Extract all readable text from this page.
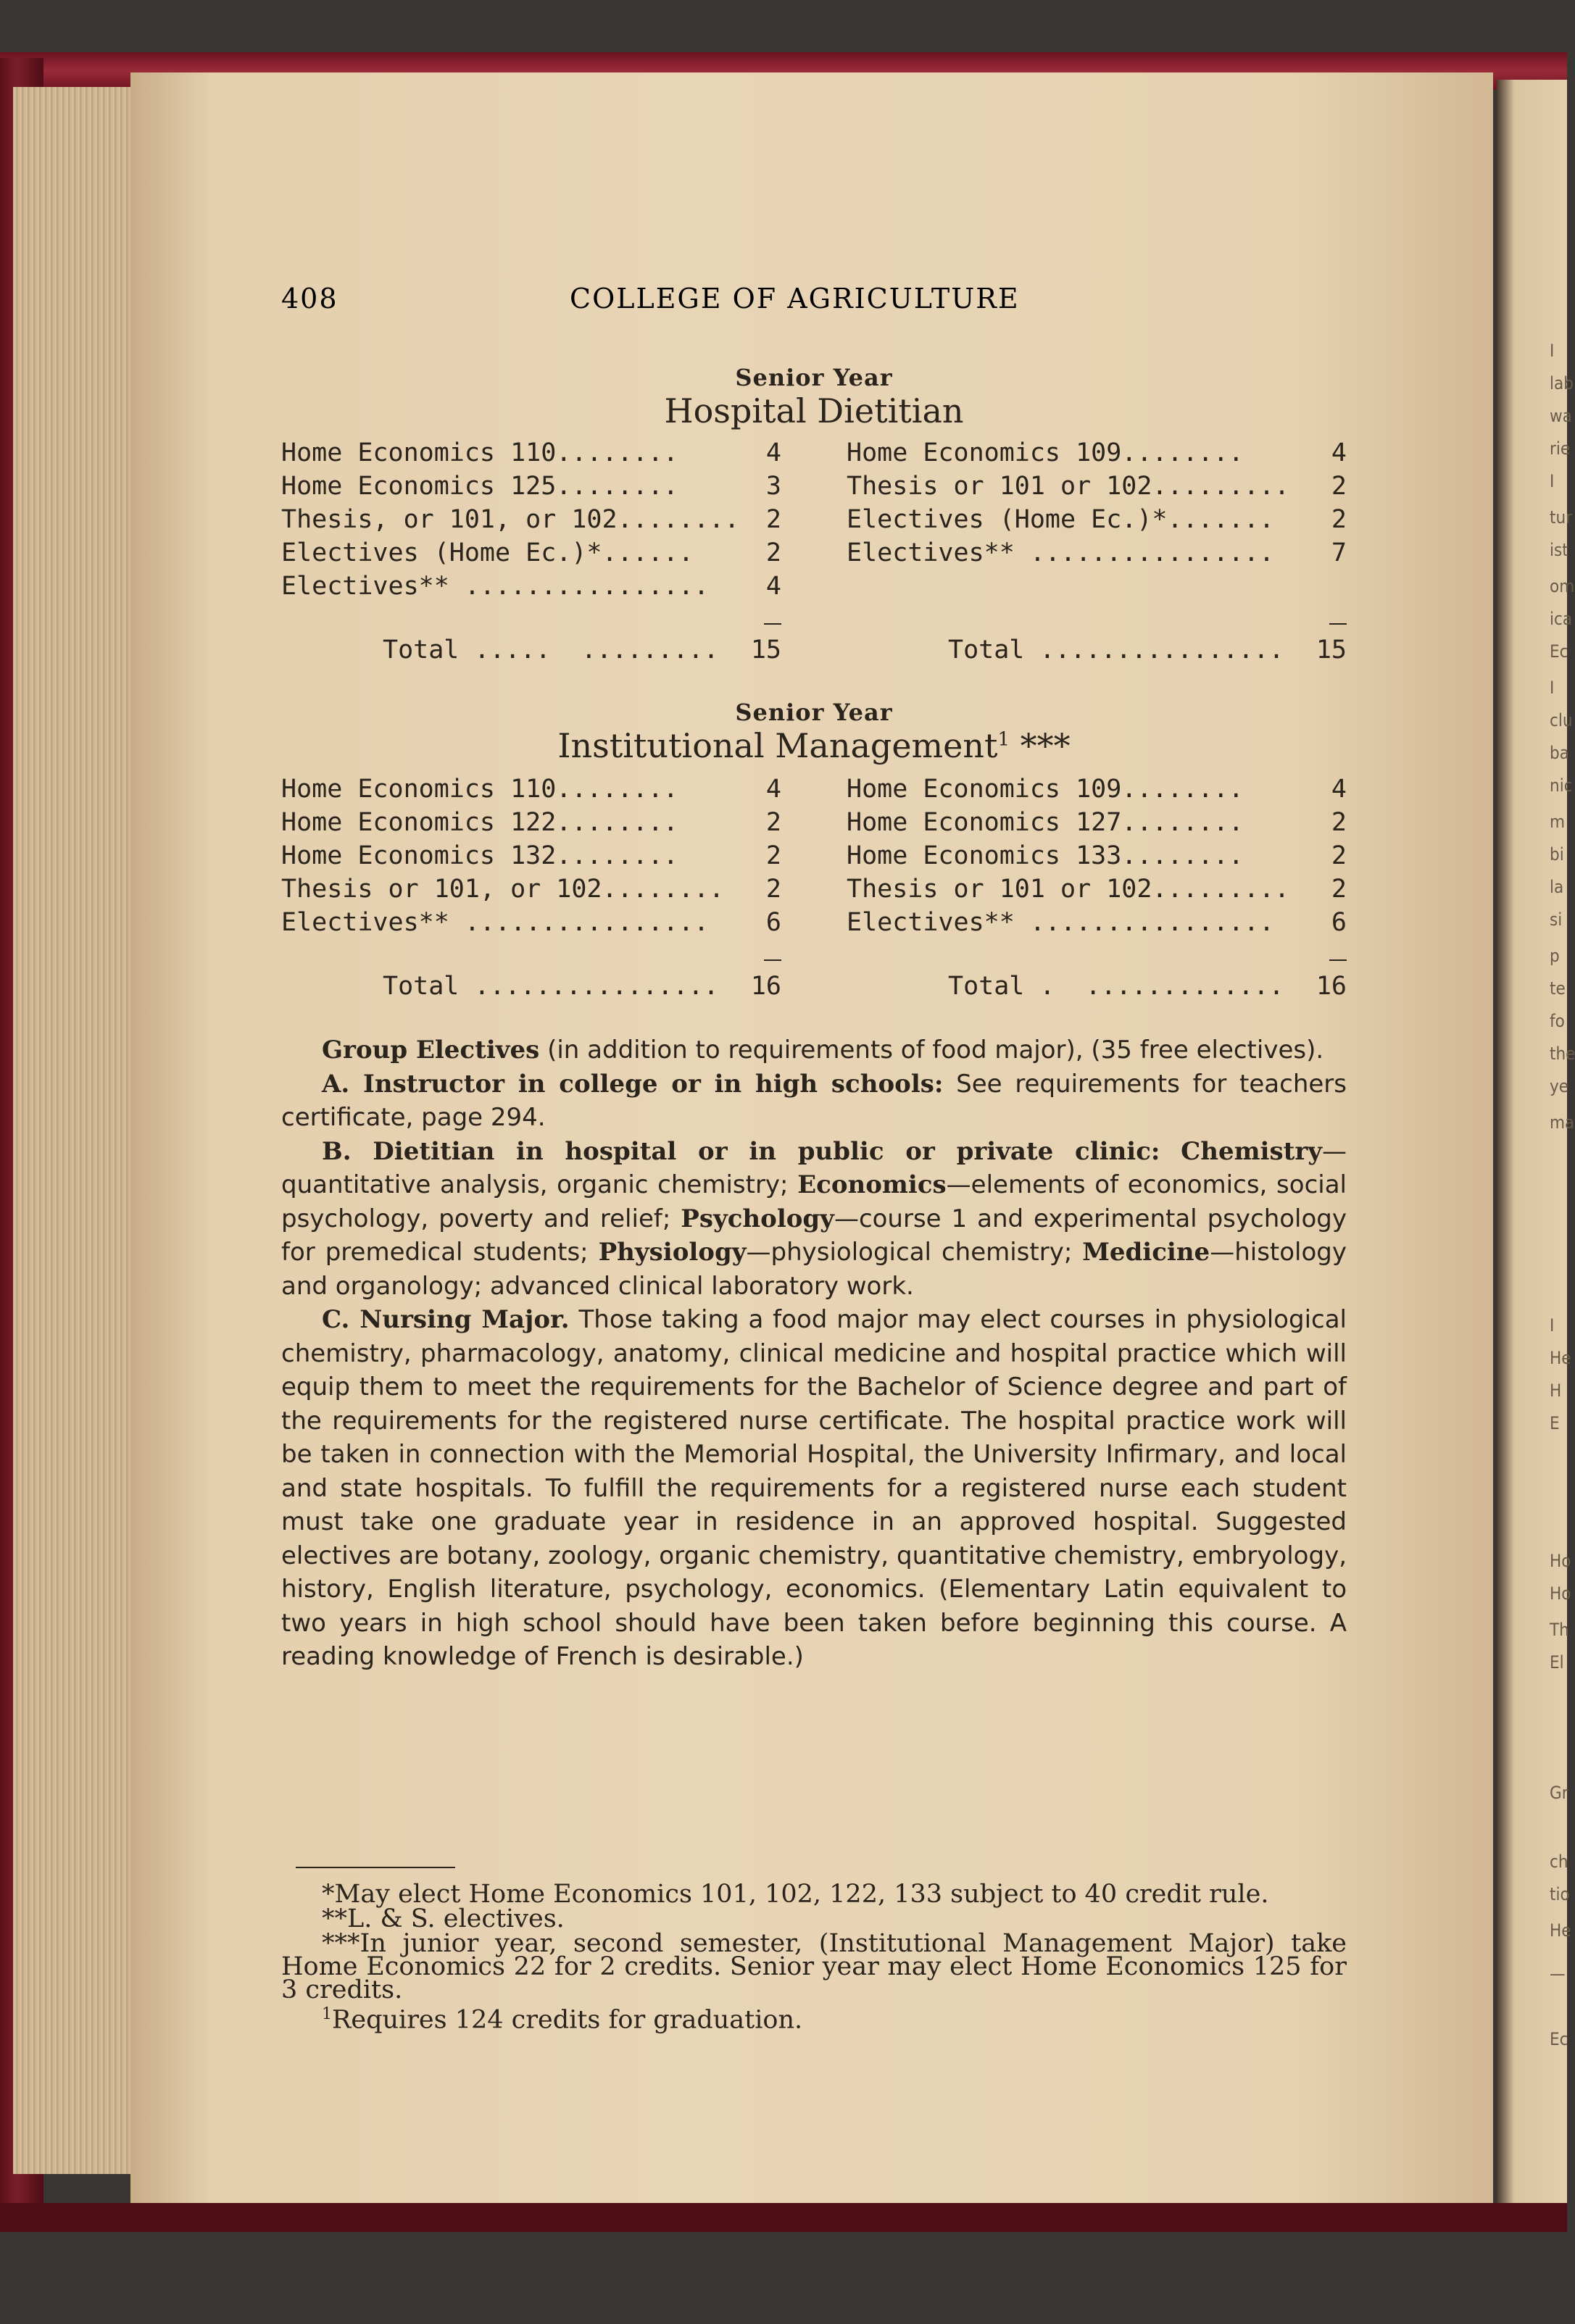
I
lab
wa
rie
I
tur
ist
om
ica
Ec
I
clu
ba
nic
m
bi
la
si
p
te
fo
the
ye
ma
I
He
H
E
Ho
Ho
Th
El
Gr
ch
tio
He
—
Ec
408	COLLEGE OF AGRICULTURE
Senior Year
Hospital Dietitian
Home Economics 110........	4
Home Economics 125........	3
Thesis, or 101, or 102........ 2
Electives (Home Ec.)*......	2
Electives** ................ 4
Total .....  ......... 15
Home Economics 109........	4
Thesis or 101 or 102......... 2
Electives (Home Ec.)*....... 2
Electives** ................ 7
Total ................ 15
Senior Year
Institutional Management$^1$ ***
Home Economics 110........	4
Home Economics 122........	2
Home Economics 132........	2
Thesis or 101, or 102........ 2
Electives** ................ 6
Total ................ 16
Home Economics 109........	4
Home Economics 127........	2
Home Economics 133........	2
Thesis or 101 or 102......... 2
Electives** ................ 6
Total .  ............. 16

Group Electives (in addition to requirements of food major), (35 free electives).

A. Instructor in college or in high schools: See requirements for teachers certificate, page 294.

B. Dietitian in hospital or in public or private clinic: Chemistry—quantitative analysis, organic chemistry; Economics—elements of economics, social psychology, poverty and relief; Psychology—course 1 and experimental psychology for premedical students; Physiology—physiological chemistry; Medicine—histology and organology; advanced clinical laboratory work.

C. Nursing Major. Those taking a food major may elect courses in physiological chemistry, pharmacology, anatomy, clinical medicine and hospital practice which will equip them to meet the requirements for the Bachelor of Science degree and part of the requirements for the registered nurse certificate. The hospital practice work will be taken in connection with the Memorial Hospital, the University Infirmary, and local and state hospitals. To fulfill the requirements for a registered nurse each student must take one graduate year in residence in an approved hospital. Suggested electives are botany, zoology, organic chemistry, quantitative chemistry, embryology, history, English literature, psychology, economics. (Elementary Latin equivalent to two years in high school should have been taken before beginning this course. A reading knowledge of French is desirable.)

*May elect Home Economics 101, 102, 122, 133 subject to 40 credit rule.

**L. & S. electives.

***In junior year, second semester, (Institutional Management Major) take Home Economics 22 for 2 credits. Senior year may elect Home Economics 125 for 3 credits.

$^1$Requires 124 credits for graduation.
